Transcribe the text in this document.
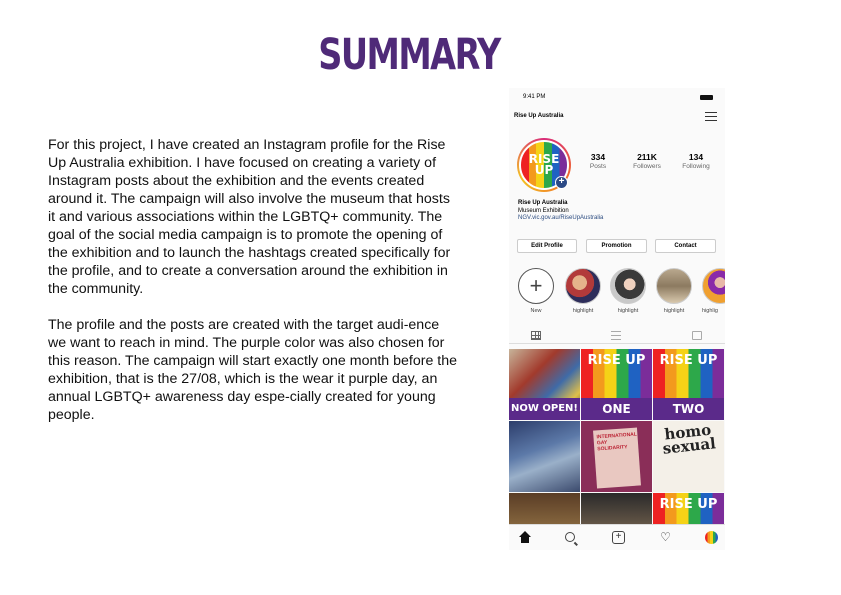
SUMMARY

For this project, I have created an Instagram profile for the Rise Up Australia exhibition. I have focused on creating a variety of Instagram posts about the exhibition and the events created around it. The campaign will also involve the museum that hosts it and various associations within the LGBTQ+ community. The goal of the social media campaign is to promote the opening of the exhibition and to launch the hashtags created specifically for the profile, and to create a conversation around the exhibition in the community.

The profile and the posts are created with the target audi-ence we want to reach in mind. The purple color was also chosen for this reason. The campaign will start exactly one month before the exhibition, that is the 27/08, which is the wear it purple day, an annual LGBTQ+ awareness day espe-cially created for young people.

9:41 PM
Rise Up Australia
RISE UP
+
334
Posts
211K
Followers
134
Following
Rise Up Australia
Museum Exhibition
NGV.vic.gov.au/RiseUpAustralia
Edit Profile	Promotion	Contact
+
New	highlight	highlight	highlight	highlig
NOW OPEN!
RISE UP
ONE
RISE UP
TWO
INTERNATIONAL GAY SOLIDARITY
homo sexual
RISE UP
+	♡
